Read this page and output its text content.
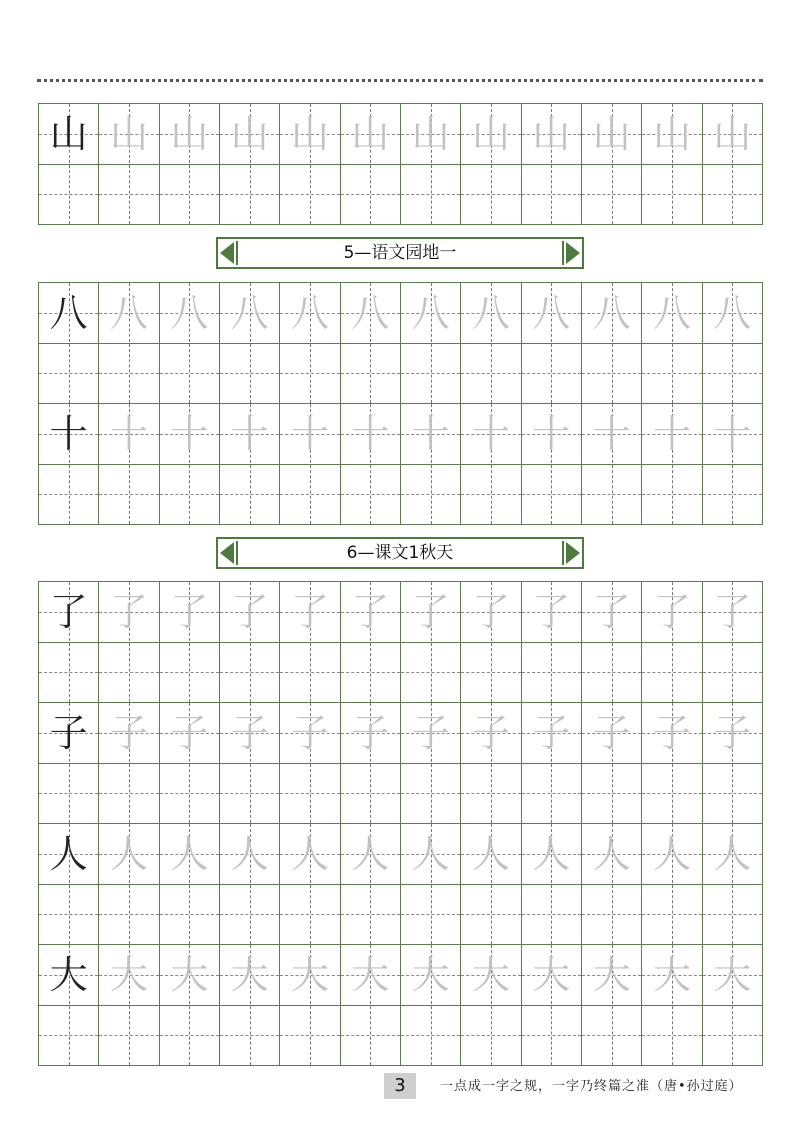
山 山 山 山 山 山 山 山 山 山 山 山
5—语文园地一
八 八 八 八 八 八 八 八 八 八 八 八
十 十 十 十 十 十 十 十 十 十 十 十
6—课文1秋天
了 了 了 了 了 了 了 了 了 了 了 了
子 子 子 子 子 子 子 子 子 子 子 子
人 人 人 人 人 人 人 人 人 人 人 人
大 大 大 大 大 大 大 大 大 大 大 大
3	一点成一字之规，一字乃终篇之准（唐•孙过庭）
